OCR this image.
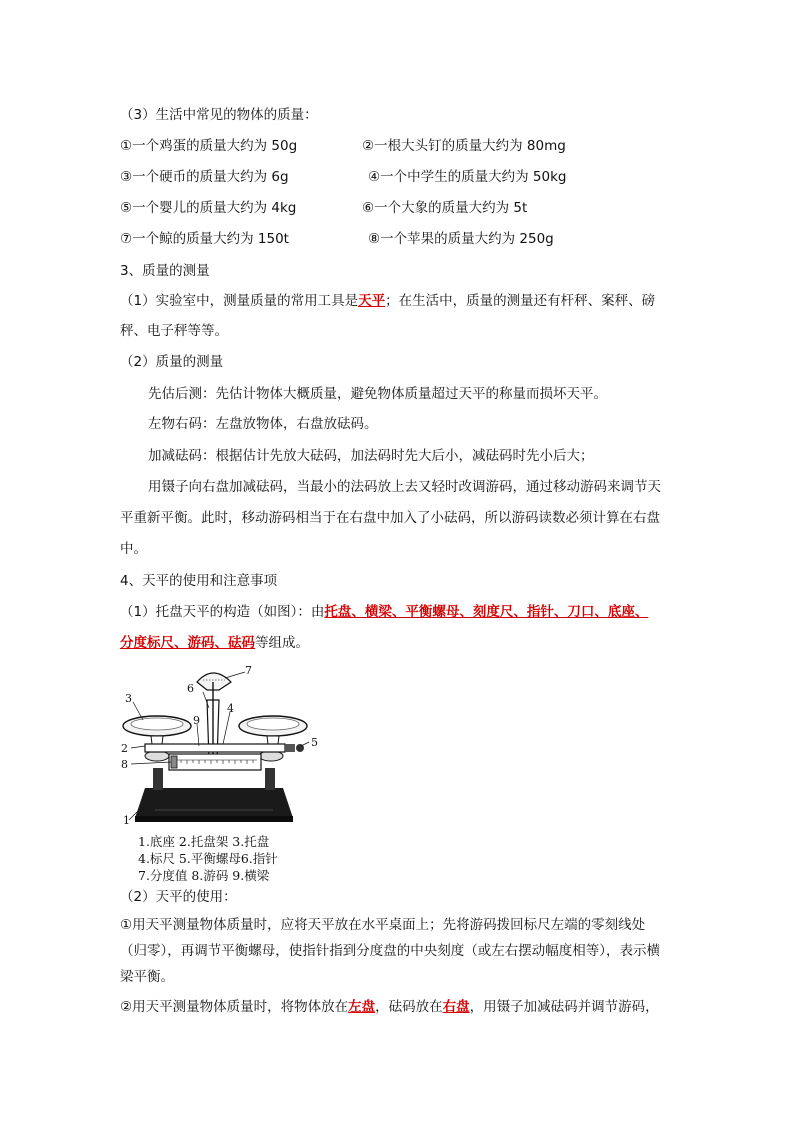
（3）生活中常见的物体的质量：
①一个鸡蛋的质量大约为 50g	②一根大头钉的质量大约为 80mg
③一个硬币的质量大约为 6g	④一个中学生的质量大约为 50kg
⑤一个婴儿的质量大约为 4kg	⑥一个大象的质量大约为 5t
⑦一个鲸的质量大约为 150t	⑧一个苹果的质量大约为 250g
3、质量的测量
（1）实验室中，测量质量的常用工具是天平；在生活中，质量的测量还有杆秤、案秤、磅
秤、电子秤等等。
（2）质量的测量
先估后测：先估计物体大概质量，避免物体质量超过天平的称量而损坏天平。
左物右码：左盘放物体，右盘放砝码。
加减砝码：根据估计先放大砝码，加法码时先大后小，减砝码时先小后大；
用镊子向右盘加减砝码，当最小的法码放上去又轻时改调游码，通过移动游码来调节天
平重新平衡。此时，移动游码相当于在右盘中加入了小砝码，所以游码读数必须计算在右盘
中。
4、天平的使用和注意事项
（1）托盘天平的构造（如图）：由托盘、横梁、平衡螺母、刻度尺、指针、刀口、底座、
分度标尺、游码、砝码等组成。
1
2
3
4
5
6
7
8
9
1.底座 2.托盘架 3.托盘
4.标尺 5.平衡螺母6.指针
7.分度值 8.游码 9.横梁
（2）天平的使用：
①用天平测量物体质量时，应将天平放在水平桌面上；先将游码拨回标尺左端的零刻线处
（归零），再调节平衡螺母，使指针指到分度盘的中央刻度（或左右摆动幅度相等），表示横
梁平衡。
②用天平测量物体质量时，将物体放在左盘，砝码放在右盘，用镊子加减砝码并调节游码，
